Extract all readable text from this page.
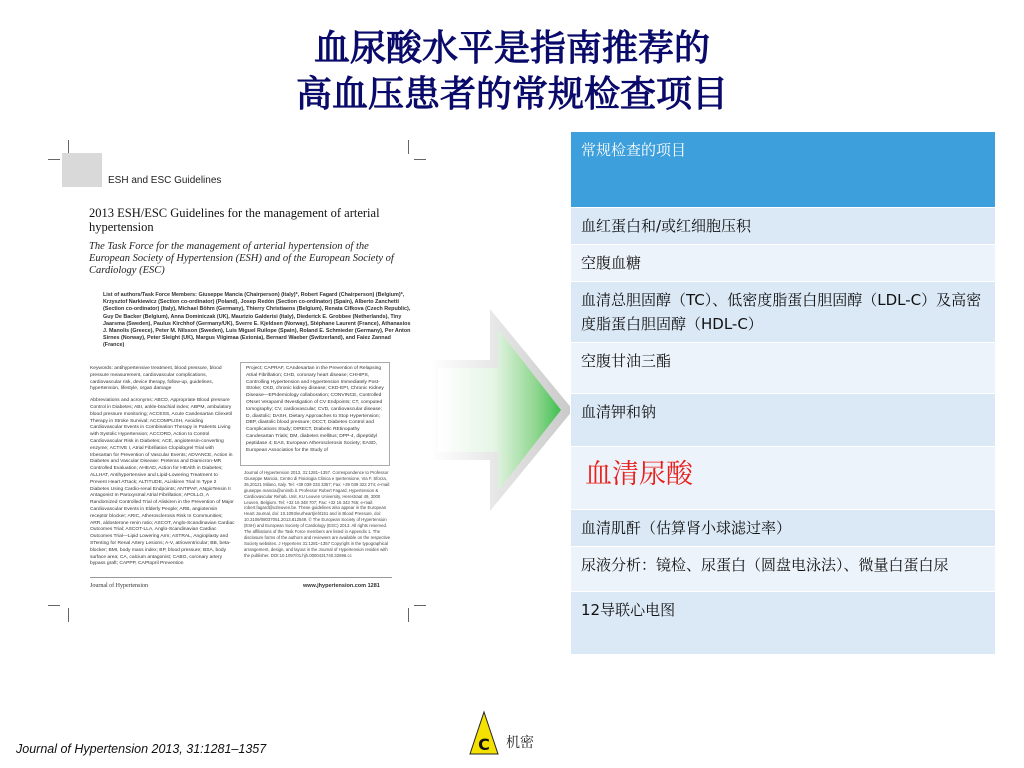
血尿酸水平是指南推荐的
高血压患者的常规检查项目
ESH and ESC Guidelines
2013 ESH/ESC Guidelines for the management of arterial hypertension
The Task Force for the management of arterial hypertension of the European Society of Hypertension (ESH) and of the European Society of Cardiology (ESC)
List of authors/Task Force Members: Giuseppe Mancia (Chairperson) (Italy)*, Robert Fagard (Chairperson) (Belgium)*, Krzysztof Narkiewicz (Section co-ordinator) (Poland), Josep Redón (Section co-ordinator) (Spain), Alberto Zanchetti (Section co-ordinator) (Italy), Michael Böhm (Germany), Thierry Christiaens (Belgium), Renata Cifkova (Czech Republic), Guy De Backer (Belgium), Anna Dominiczak (UK), Maurizio Galderisi (Italy), Diederick E. Grobbee (Netherlands), Tiny Jaarsma (Sweden), Paulus Kirchhof (Germany/UK), Sverre E. Kjeldsen (Norway), Stéphane Laurent (France), Athanasios J. Manolis (Greece), Peter M. Nilsson (Sweden), Luis Miguel Ruilope (Spain), Roland E. Schmieder (Germany), Per Anton Sirnes (Norway), Peter Sleight (UK), Margus Viigimaa (Estonia), Bernard Waeber (Switzerland), and Faiez Zannad (France)
Keywords: antihypertensive treatment, blood pressure, blood pressure measurement, cardiovascular complications, cardiovascular risk, device therapy, follow-up, guidelines, hypertension, lifestyle, organ damage
Abbreviations and acronyms: ABCD, Appropriate Blood pressure Control in Diabetes; ABI, ankle-brachial index; ABPM, ambulatory blood pressure monitoring; ACCESS, Acute Candesartan Cilexetil Therapy in Stroke Survival; ACCOMPLISH, Avoiding Cardiovascular Events in Combination Therapy in Patients Living with Systolic Hypertension; ACCORD, Action to Control Cardiovascular Risk in Diabetes; ACE, angiotensin-converting enzyme; ACTIVE I, Atrial Fibrillation Clopidogrel Trial with Irbesartan for Prevention of Vascular Events; ADVANCE, Action in Diabetes and Vascular Disease: Preterax and Diamicron-MR Controlled Evaluation; AHEAD, Action for HEAlth in Diabetes; ALLHAT, Antihypertensive and Lipid-Lowering Treatment to Prevent Heart ATtack; ALTITUDE, ALiskiren Trial In Type 2 Diabetes Using Cardio-renal Endpoints; ANTIPAF, ANgioTensin II Antagonist In Paroxysmal Atrial Fibrillation; APOLLO, A Randomized Controlled Trial of Aliskiren in the Prevention of Major Cardiovascular Events in Elderly People; ARB, angiotensin receptor blocker; ARIC, Atherosclerosis Risk In Communities; ARR, aldosterone renin ratio; ASCOT, Anglo-Scandinavian Cardiac Outcomes Trial; ASCOT-LLA, Anglo-Scandinavian Cardiac Outcomes Trial—Lipid Lowering Arm; ASTRAL, Angioplasty and STenting for Renal Artery Lesions; A-V, atrioventricular; BB, beta-blocker; BMI, body mass index; BP, blood pressure; BSA, body surface area; CA, calcium antagonist; CABG, coronary artery bypass graft; CAPPP, CAPtopril Prevention
Project; CAPRAF, CAndesartan in the Prevention of Relapsing Atrial Fibrillation; CHD, coronary heart disease; CHHIPS, Controlling Hypertension and Hypertension Immediately Post-Stroke; CKD, chronic kidney disease; CKD-EPI, Chronic Kidney Disease—EPIdemiology collaboration; CONVINCE, Controlled ONset Verapamil INvestigation of CV Endpoints; CT, computed tomography; CV, cardiovascular; CVD, cardiovascular disease; D, diastolic; DASH, Dietary Approaches to Stop Hypertension; DBP, diastolic blood pressure; DCCT, Diabetes Control and Complications Study; DIRECT, DIabetic REtinopathy Candesartan Trials; DM, diabetes mellitus; DPP-4, dipeptidyl peptidase 4; EAS, European Atherosclerosis Society; EASD, European Association for the Study of
Journal of Hypertension 2013, 31:1281–1357. Correspondence to Professor Giuseppe Mancia, Centro di Fisiologia Clinica e Ipertensione, Via F. Sforza, 35,20121 Milano, Italy. Tel: +39 039 233 3357; Fax: +39 039 322 274; e-mail: giuseppe.mancia@unimib.it. Professor Robert Fagard, Hypertension & Cardiovascular Rehab. Unit, KU Leuven University, Herestraat 49, 3000 Leuven, Belgium. Tel: +32 16 348 707; Fax: +32 16 343 766; e-mail: robert.fagard@uzleuven.be. These guidelines also appear in the European Heart Journal, doi: 10.1093/eurheartj/eht151 and in Blood Pressure, doi: 10.3109/08037051.2013.812549. © The European Society of Hypertension (ESH) and European Society of Cardiology (ESC) 2013. All rights reserved. The affiliations of the Task Force members are listed in Appendix 1. The disclosure forms of the authors and reviewers are available on the respective Society websites. J Hypertens 31:1281–1357 Copyright in the typographical arrangement, design, and layout in the Journal of Hypertension resides with the publisher. DOI:10.1097/01.hjh.0000431740.32696.cc
Journal of Hypertension	www.jhypertension.com 1281
常规检查的项目
血红蛋白和/或红细胞压积
空腹血糖
血清总胆固醇（TC）、低密度脂蛋白胆固醇（LDL-C）及高密度脂蛋白胆固醇（HDL-C）
空腹甘油三酯
血清钾和钠
血清尿酸
血清肌酐（估算肾小球滤过率）
尿液分析：镜检、尿蛋白（圆盘电泳法）、微量白蛋白尿
12导联心电图
Journal of Hypertension 2013, 31:1281–1357	C 机密
